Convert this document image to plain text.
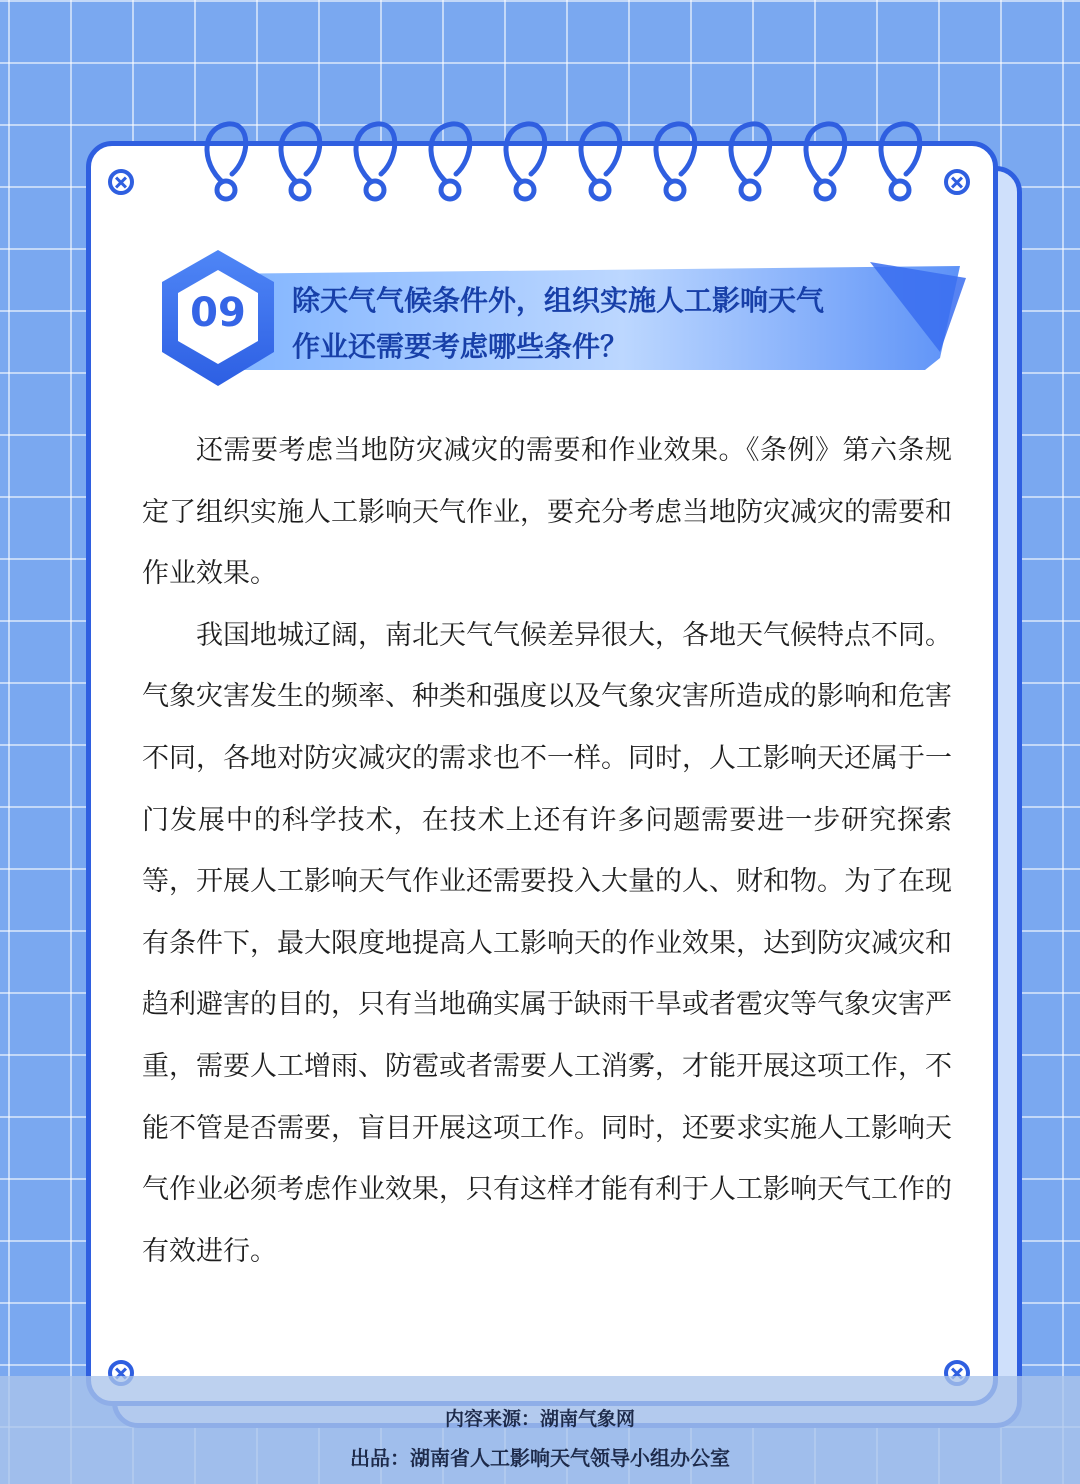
09	除天气气候条件外，组织实施人工影响天气
作业还需要考虑哪些条件？

还需要考虑当地防灾减灾的需要和作业效果。《条例》第六条规定了组织实施人工影响天气作业，要充分考虑当地防灾减灾的需要和作业效果。

我国地城辽阔，南北天气气候差异很大，各地天气候特点不同。气象灾害发生的频率、种类和强度以及气象灾害所造成的影响和危害不同，各地对防灾减灾的需求也不一样。同时，人工影响天还属于一门发展中的科学技术，在技术上还有许多问题需要进一步研究探索等，开展人工影响天气作业还需要投入大量的人、财和物。为了在现有条件下，最大限度地提高人工影响天的作业效果，达到防灾减灾和趋利避害的目的，只有当地确实属于缺雨干旱或者雹灾等气象灾害严重，需要人工增雨、防雹或者需要人工消雾，才能开展这项工作，不能不管是否需要，盲目开展这项工作。同时，还要求实施人工影响天气作业必须考虑作业效果，只有这样才能有利于人工影响天气工作的有效进行。

内容来源：湖南气象网
出品：湖南省人工影响天气领导小组办公室
